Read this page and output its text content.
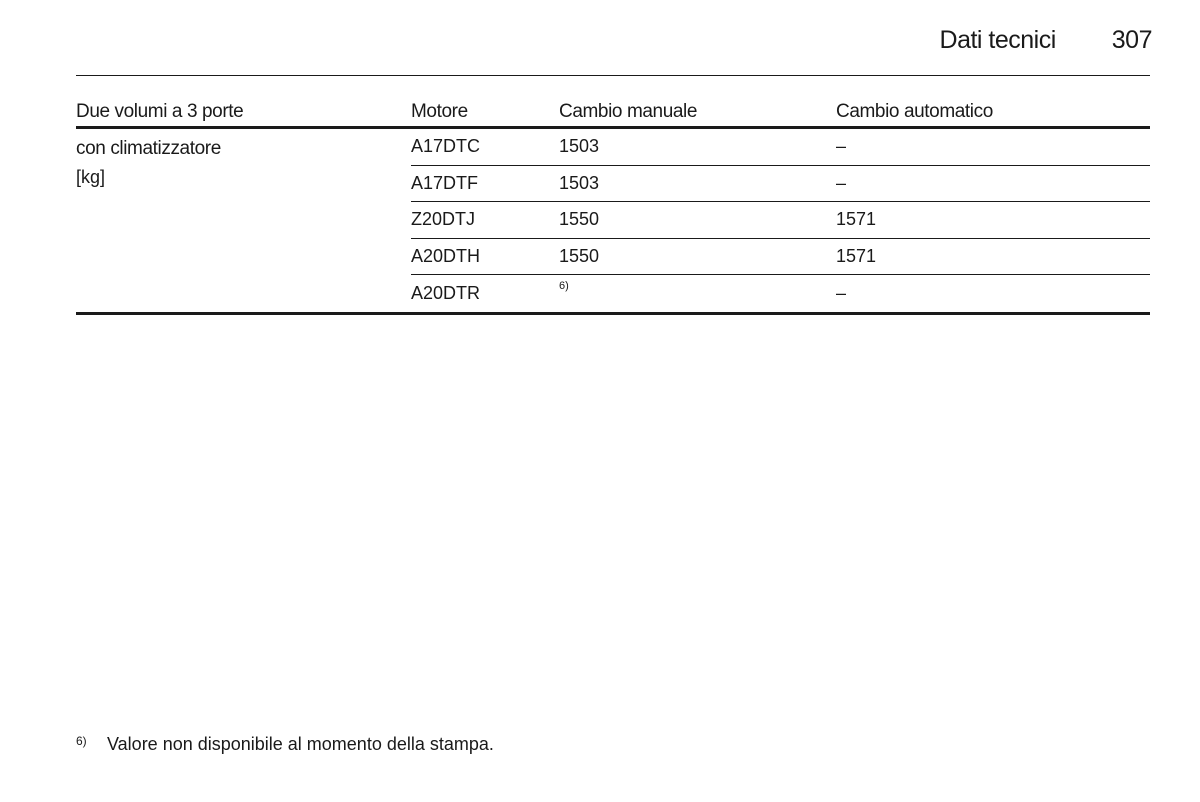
Dati tecnici 307
Due volumi a 3 porte	Motore	Cambio manuale	Cambio automatico
con climatizzatore
[kg]
A17DTC	1503	–
A17DTF	1503	–
Z20DTJ	1550	1571
A20DTH	1550	1571
A20DTR	$^{6)}$	–
6)	Valore non disponibile al momento della stampa.
